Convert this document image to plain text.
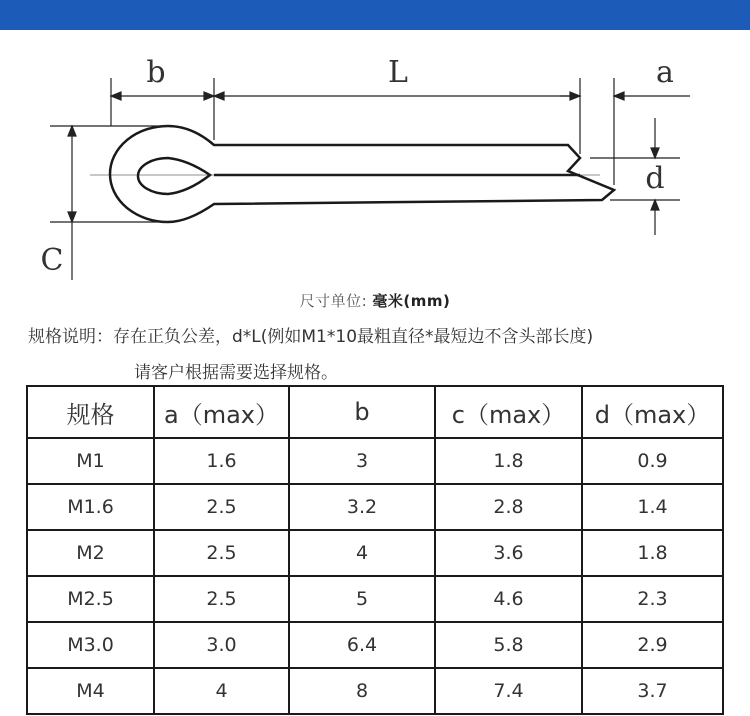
b	L	a
d
C
尺寸单位: 毫米(mm)
规格说明：存在正负公差，d*L(例如M1*10最粗直径*最短边不含头部长度)
请客户根据需要选择规格。
规格	a（max）	b	c（max）	d（max）
M1	1.6	3	1.8	0.9
M1.6	2.5	3.2	2.8	1.4
M2	2.5	4	3.6	1.8
M2.5	2.5	5	4.6	2.3
M3.0	3.0	6.4	5.8	2.9
M4	4	8	7.4	3.7
